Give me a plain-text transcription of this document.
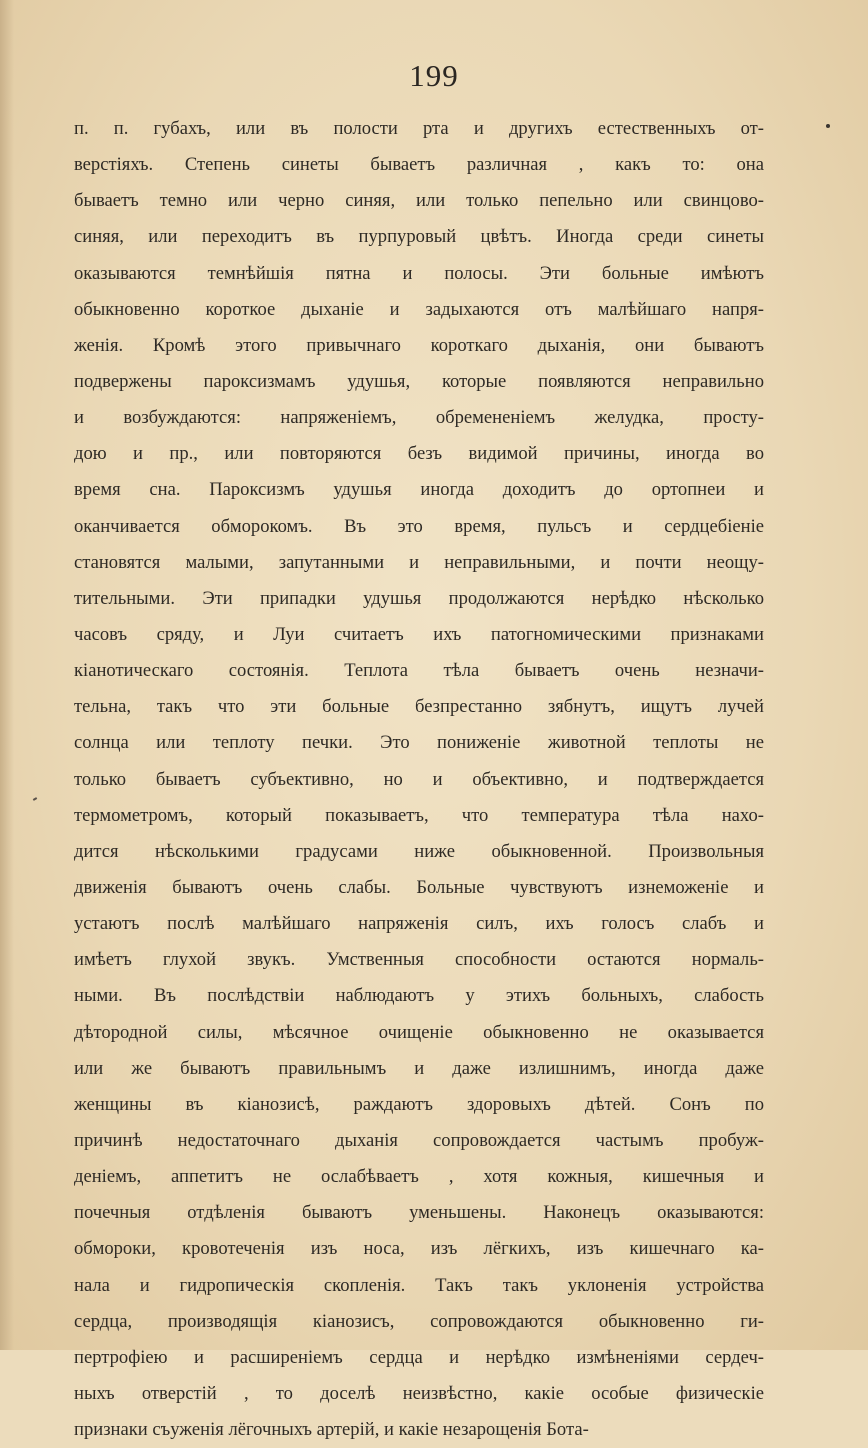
199
п. п. губахъ, или въ полости рта и другихъ естественныхъ от-
верстіяхъ. Степень синеты бываетъ различная , какъ то: она
бываетъ темно или черно синяя, или только пепельно или свинцово-
синяя, или переходитъ въ пурпуровый цвѣтъ. Иногда среди синеты
оказываются темнѣйшія пятна и полосы. Эти больные имѣютъ
обыкновенно короткое дыханіе и задыхаются отъ малѣйшаго напря-
женія. Кромѣ этого привычнаго короткаго дыханія, они бываютъ
подвержены пароксизмамъ удушья, которые появляются неправильно
и возбуждаются: напряженіемъ, обремененіемъ желудка, просту-
дою и пр., или повторяются безъ видимой причины, иногда во
время сна. Пароксизмъ удушья иногда доходитъ до ортопнеи и
оканчивается обморокомъ. Въ это время, пульсъ и сердцебіеніе
становятся малыми, запутанными и неправильными, и почти неощу-
тительными. Эти припадки удушья продолжаются нерѣдко нѣсколько
часовъ сряду, и Луи считаетъ ихъ патогномическими признаками
кіанотическаго состоянія. Теплота тѣла бываетъ очень незначи-
тельна, такъ что эти больные безпрестанно зябнутъ, ищутъ лучей
солнца или теплоту печки. Это пониженіе животной теплоты не
только бываетъ субъективно, но и объективно, и подтверждается
термометромъ, который показываетъ, что температура тѣла нахо-
дится нѣсколькими градусами ниже обыкновенной. Произвольныя
движенія бываютъ очень слабы. Больные чувствуютъ изнеможеніе и
устаютъ послѣ малѣйшаго напряженія силъ, ихъ голосъ слабъ и
имѣетъ глухой звукъ. Умственныя способности остаются нормаль-
ными. Въ послѣдствіи наблюдаютъ у этихъ больныхъ, слабость
дѣтородной силы, мѣсячное очищеніе обыкновенно не оказывается
или же бываютъ правильнымъ и даже излишнимъ, иногда даже
женщины въ кіанозисѣ, раждаютъ здоровыхъ дѣтей. Сонъ по
причинѣ недостаточнаго дыханія сопровождается частымъ пробуж-
деніемъ, аппетитъ не ослабѣваетъ , хотя кожныя, кишечныя и
почечныя отдѣленія бываютъ уменьшены. Наконецъ оказываются:
обмороки, кровотеченія изъ носа, изъ лёгкихъ, изъ кишечнаго ка-
нала и гидропическія скопленія. Такъ такъ уклоненія устройства
сердца, производящія кіанозисъ, сопровождаются обыкновенно ги-
пертрофіею и расширеніемъ сердца и нерѣдко измѣненіями сердеч-
ныхъ отверстій , то доселѣ неизвѣстно, какіе особые физическіе
признаки съуженія лёгочныхъ артерій, и какіе незарощенія Бота-
